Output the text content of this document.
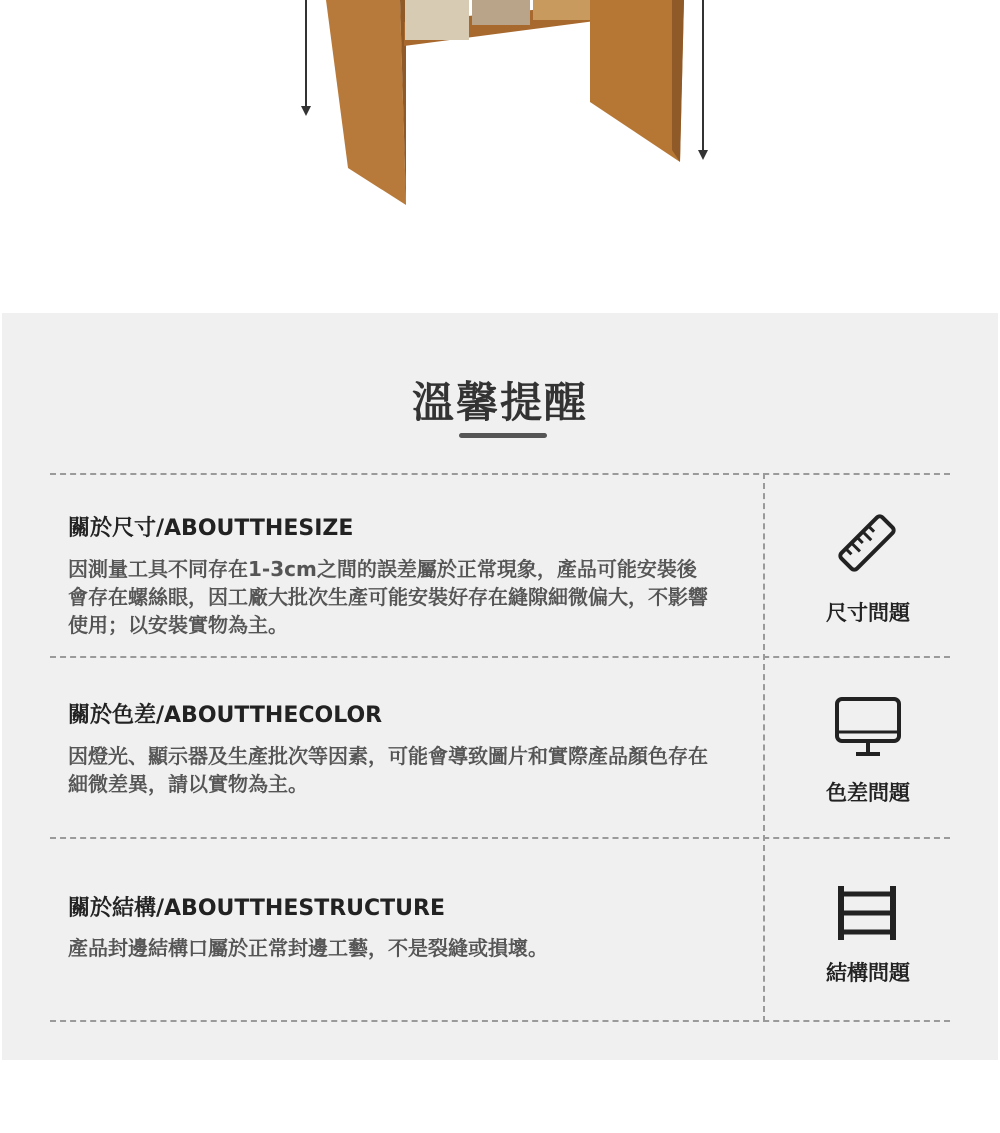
溫馨提醒
關於尺寸/ABOUTTHESIZE
因測量工具不同存在1-3cm之間的誤差屬於正常現象，產品可能安裝後會存在螺絲眼，因工廠大批次生產可能安裝好存在縫隙細微偏大，不影響使用；以安裝實物為主。	尺寸問題
關於色差/ABOUTTHECOLOR
因燈光、顯示器及生產批次等因素，可能會導致圖片和實際產品顏色存在細微差異，請以實物為主。	色差問題
關於結構/ABOUTTHESTRUCTURE
產品封邊結構口屬於正常封邊工藝，不是裂縫或損壞。
結構問題
